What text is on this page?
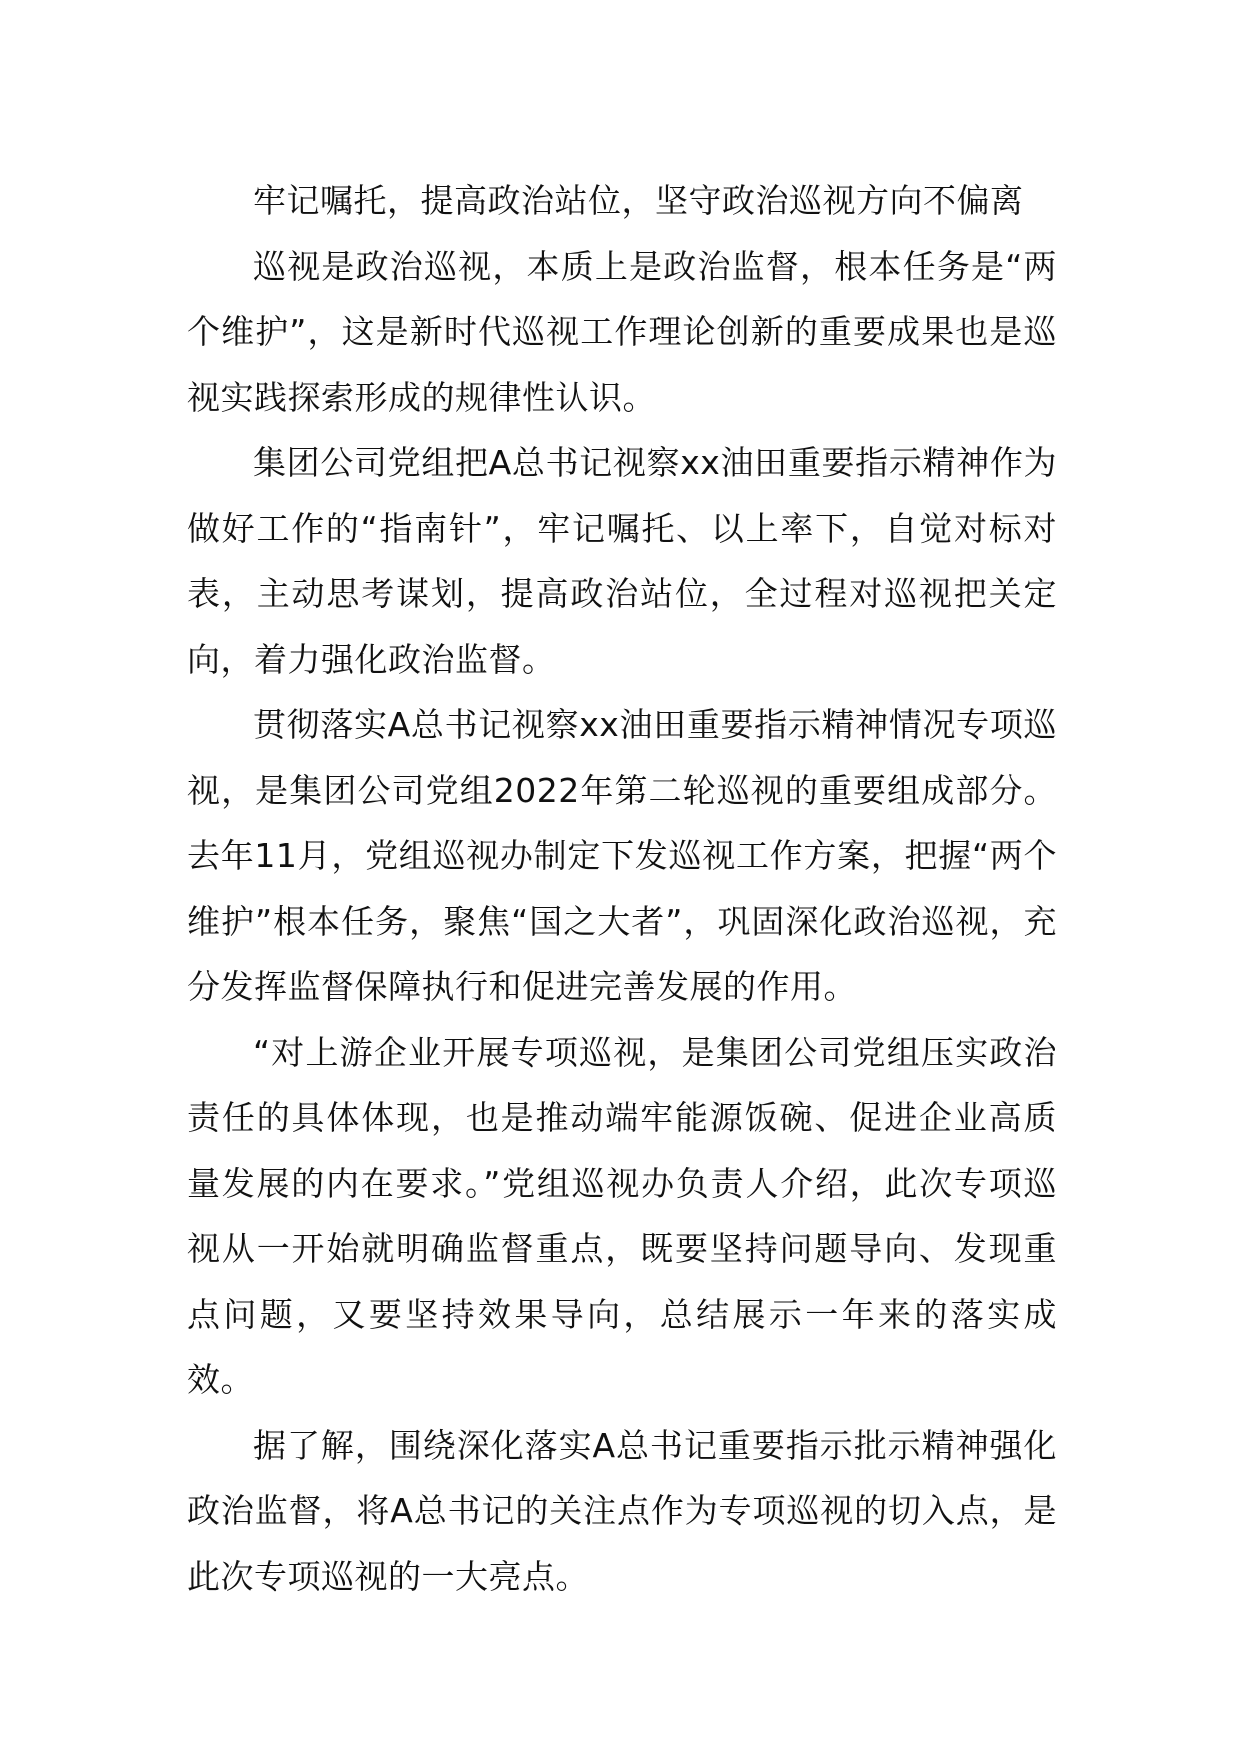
牢记嘱托，提高政治站位，坚守政治巡视方向不偏离

巡视是政治巡视，本质上是政治监督，根本任务是“两个维护”，这是新时代巡视工作理论创新的重要成果也是巡视实践探索形成的规律性认识。

集团公司党组把A总书记视察xx油田重要指示精神作为做好工作的“指南针”，牢记嘱托、以上率下，自觉对标对表，主动思考谋划，提高政治站位，全过程对巡视把关定向，着力强化政治监督。

贯彻落实A总书记视察xx油田重要指示精神情况专项巡视，是集团公司党组2022年第二轮巡视的重要组成部分。去年11月，党组巡视办制定下发巡视工作方案，把握“两个维护”根本任务，聚焦“国之大者”，巩固深化政治巡视，充分发挥监督保障执行和促进完善发展的作用。

“对上游企业开展专项巡视，是集团公司党组压实政治责任的具体体现，也是推动端牢能源饭碗、促进企业高质量发展的内在要求。”党组巡视办负责人介绍，此次专项巡视从一开始就明确监督重点，既要坚持问题导向、发现重点问题，又要坚持效果导向，总结展示一年来的落实成效。

据了解，围绕深化落实A总书记重要指示批示精神强化政治监督，将A总书记的关注点作为专项巡视的切入点，是此次专项巡视的一大亮点。
